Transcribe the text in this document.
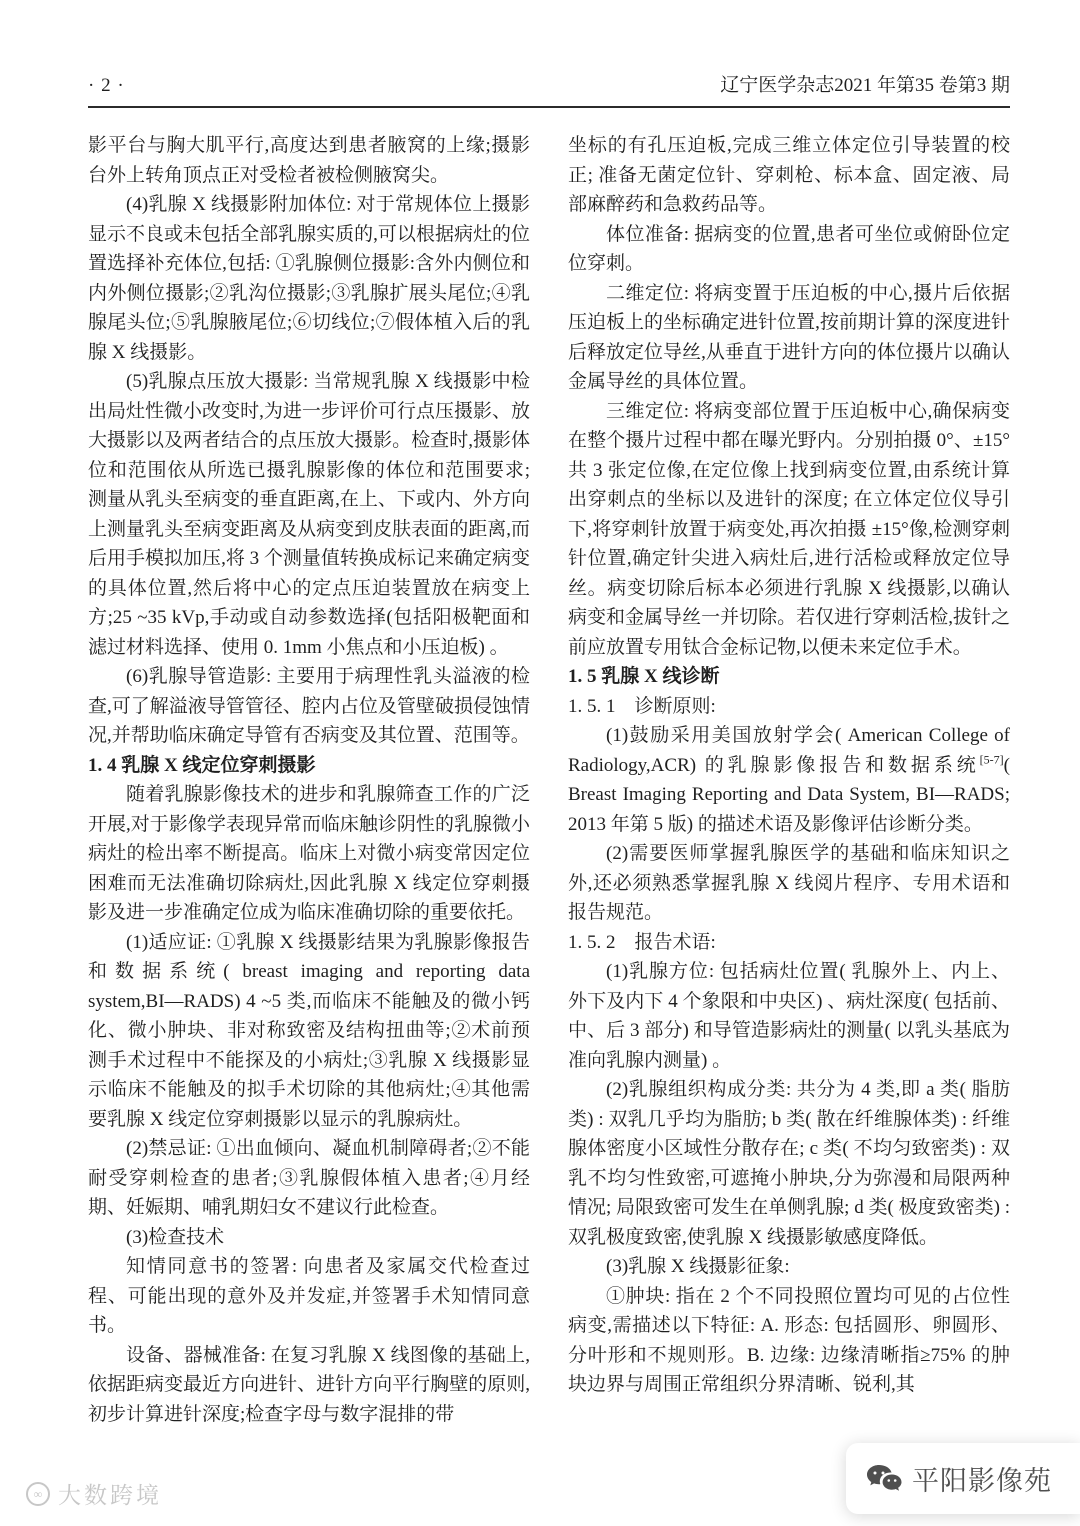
· 2 ·	辽宁医学杂志2021 年第35 卷第3 期

影平台与胸大肌平行,高度达到患者腋窝的上缘;摄影台外上转角顶点正对受检者被检侧腋窝尖。

(4)乳腺 X 线摄影附加体位: 对于常规体位上摄影显示不良或未包括全部乳腺实质的,可以根据病灶的位置选择补充体位,包括: ①乳腺侧位摄影:含外内侧位和内外侧位摄影;②乳沟位摄影;③乳腺扩展头尾位;④乳腺尾头位;⑤乳腺腋尾位;⑥切线位;⑦假体植入后的乳腺 X 线摄影。

(5)乳腺点压放大摄影: 当常规乳腺 X 线摄影中检出局灶性微小改变时,为进一步评价可行点压摄影、放大摄影以及两者结合的点压放大摄影。检查时,摄影体位和范围依从所选已摄乳腺影像的体位和范围要求; 测量从乳头至病变的垂直距离,在上、下或内、外方向上测量乳头至病变距离及从病变到皮肤表面的距离,而后用手模拟加压,将 3 个测量值转换成标记来确定病变的具体位置,然后将中心的定点压迫装置放在病变上方;25 ~35 kVp,手动或自动参数选择(包括阳极靶面和滤过材料选择、使用 0. 1mm 小焦点和小压迫板) 。

(6)乳腺导管造影: 主要用于病理性乳头溢液的检查,可了解溢液导管管径、腔内占位及管壁破损侵蚀情况,并帮助临床确定导管有否病变及其位置、范围等。

1. 4 乳腺 X 线定位穿刺摄影

随着乳腺影像技术的进步和乳腺筛查工作的广泛开展,对于影像学表现异常而临床触诊阴性的乳腺微小病灶的检出率不断提高。临床上对微小病变常因定位困难而无法准确切除病灶,因此乳腺 X 线定位穿刺摄影及进一步准确定位成为临床准确切除的重要依托。

(1)适应证: ①乳腺 X 线摄影结果为乳腺影像报告和数据系统( breast imaging and reporting data system,BI—RADS) 4 ~5 类,而临床不能触及的微小钙化、微小肿块、非对称致密及结构扭曲等;②术前预测手术过程中不能探及的小病灶;③乳腺 X 线摄影显示临床不能触及的拟手术切除的其他病灶;④其他需要乳腺 X 线定位穿刺摄影以显示的乳腺病灶。

(2)禁忌证: ①出血倾向、凝血机制障碍者;②不能耐受穿刺检查的患者;③乳腺假体植入患者;④月经期、妊娠期、哺乳期妇女不建议行此检查。

(3)检查技术

知情同意书的签署: 向患者及家属交代检查过程、可能出现的意外及并发症,并签署手术知情同意书。

设备、器械准备: 在复习乳腺 X 线图像的基础上,依据距病变最近方向进针、进针方向平行胸壁的原则,初步计算进针深度;检查字母与数字混排的带

坐标的有孔压迫板,完成三维立体定位引导装置的校正; 准备无菌定位针、穿刺枪、标本盒、固定液、局部麻醉药和急救药品等。

体位准备: 据病变的位置,患者可坐位或俯卧位定位穿刺。

二维定位: 将病变置于压迫板的中心,摄片后依据压迫板上的坐标确定进针位置,按前期计算的深度进针后释放定位导丝,从垂直于进针方向的体位摄片以确认金属导丝的具体位置。

三维定位: 将病变部位置于压迫板中心,确保病变在整个摄片过程中都在曝光野内。分别拍摄 0°、±15°共 3 张定位像,在定位像上找到病变位置,由系统计算出穿刺点的坐标以及进针的深度; 在立体定位仪导引下,将穿刺针放置于病变处,再次拍摄 ±15°像,检测穿刺针位置,确定针尖进入病灶后,进行活检或释放定位导丝。病变切除后标本必须进行乳腺 X 线摄影,以确认病变和金属导丝一并切除。若仅进行穿刺活检,拔针之前应放置专用钛合金标记物,以便未来定位手术。

1. 5 乳腺 X 线诊断

1. 5. 1　诊断原则:

(1)鼓励采用美国放射学会( American College of Radiology,ACR) 的乳腺影像报告和数据系统[5-7]( Breast Imaging Reporting and Data System, BI—RADS; 2013 年第 5 版) 的描述术语及影像评估诊断分类。

(2)需要医师掌握乳腺医学的基础和临床知识之外,还必须熟悉掌握乳腺 X 线阅片程序、专用术语和报告规范。

1. 5. 2　报告术语:

(1)乳腺方位: 包括病灶位置( 乳腺外上、内上、外下及内下 4 个象限和中央区) 、病灶深度( 包括前、中、后 3 部分) 和导管造影病灶的测量( 以乳头基底为准向乳腺内测量) 。

(2)乳腺组织构成分类: 共分为 4 类,即 a 类( 脂肪类) : 双乳几乎均为脂肪; b 类( 散在纤维腺体类) : 纤维腺体密度小区域性分散存在; c 类( 不均匀致密类) : 双乳不均匀性致密,可遮掩小肿块,分为弥漫和局限两种情况; 局限致密可发生在单侧乳腺; d 类( 极度致密类) : 双乳极度致密,使乳腺 X 线摄影敏感度降低。

(3)乳腺 X 线摄影征象:

①肿块: 指在 2 个不同投照位置均可见的占位性病变,需描述以下特征: A. 形态: 包括圆形、卵圆形、分叶形和不规则形。B. 边缘: 边缘清晰指≥75% 的肿块边界与周围正常组织分界清晰、锐利,其

∞ 大数跨境	平阳影像苑
